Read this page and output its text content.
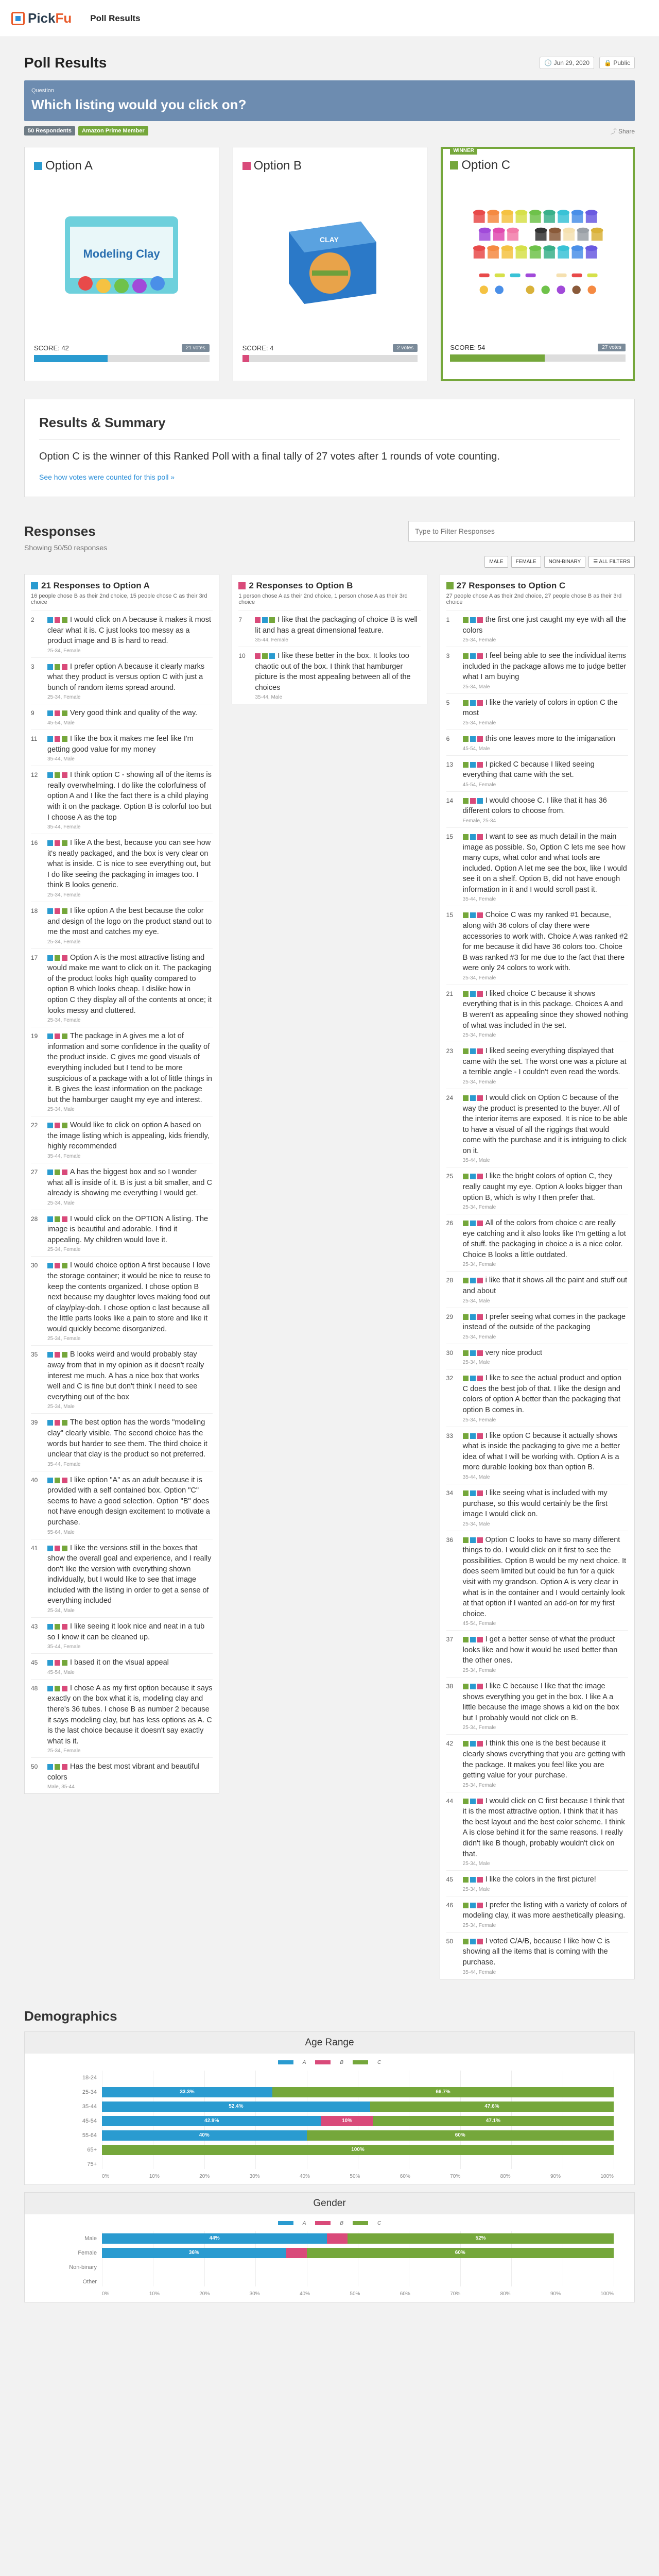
PickFu Poll Results
Poll Results	🕓 Jun 29, 2020	🔒 Public
Question
Which listing would you click on?
50 Respondents	Amazon Prime Member	⤴ Share
Option A
Modeling Clay
SCORE: 42	21 votes
Option B
CLAY
SCORE: 4	2 votes
WINNER
Option C
SCORE: 54	27 votes
Results & Summary

Option C is the winner of this Ranked Poll with a final tally of 27 votes after 1 rounds of vote counting.

See how votes were counted for this poll »
Responses
Type to Filter Responses
Showing 50/50 responses
MALE	FEMALE	NON-BINARY	☰ ALL FILTERS
21 Responses to Option A
16 people chose B as their 2nd choice, 15 people chose C as their 3rd choice
2	I would click on A because it makes it most clear what it is. C just looks too messy as a product image and B is hard to read.
25-34, Female
3	I prefer option A because it clearly marks what they product is versus option C with just a bunch of random items spread around.
25-34, Female
9	Very good think and quality of the way.
45-54, Male
11	I like the box it makes me feel like I'm getting good value for my money
35-44, Male
12	I think option C - showing all of the items is really overwhelming. I do like the colorfulness of option A and I like the fact there is a child playing with it on the package. Option B is colorful too but I choose A as the top
35-44, Female
16	I like A the best, because you can see how it's neatly packaged, and the box is very clear on what is inside. C is nice to see everything out, but I do like seeing the packaging in images too. I think B looks generic.
25-34, Female
18	I like option A the best because the color and design of the logo on the product stand out to me the most and catches my eye.
25-34, Female
17	Option A is the most attractive listing and would make me want to click on it. The packaging of the product looks high quality compared to option B which looks cheap. I dislike how in option C they display all of the contents at once; it looks messy and cluttered.
25-34, Female
19	The package in A gives me a lot of information and some confidence in the quality of the product inside. C gives me good visuals of everything included but I tend to be more suspicious of a package with a lot of little things in it. B gives the least information on the package but the hamburger caught my eye and interest.
25-34, Male
22	Would like to click on option A based on the image listing which is appealing, kids friendly, highly recommended
35-44, Female
27	A has the biggest box and so I wonder what all is inside of it. B is just a bit smaller, and C already is showing me everything I would get.
25-34, Male
28	I would click on the OPTION A listing. The image is beautiful and adorable. I find it appealing. My children would love it.
25-34, Female
30	I would choice option A first because I love the storage container; it would be nice to reuse to keep the contents organized. I chose option B next because my daughter loves making food out of clay/play-doh. I chose option c last because all the little parts looks like a pain to store and like it would quickly become disorganized.
25-34, Female
35	B looks weird and would probably stay away from that in my opinion as it doesn't really interest me much. A has a nice box that works well and C is fine but don't think I need to see everything out of the box
25-34, Male
39	The best option has the words "modeling clay" clearly visible. The second choice has the words but harder to see them. The third choice it unclear that clay is the product so not preferred.
35-44, Female
40	I like option "A" as an adult because it is provided with a self contained box. Option "C" seems to have a good selection. Option "B" does not have enough design excitement to motivate a purchase.
55-64, Male
41	I like the versions still in the boxes that show the overall goal and experience, and I really don't like the version with everything shown individually, but I would like to see that image included with the listing in order to get a sense of everything included
25-34, Male
43	I like seeing it look nice and neat in a tub so I know it can be cleaned up.
35-44, Female
45	I based it on the visual appeal
45-54, Male
48	I chose A as my first option because it says exactly on the box what it is, modeling clay and there's 36 tubes. I chose B as number 2 because it says modeling clay, but has less options as A. C is the last choice because it doesn't say exactly what is it.
25-34, Female
50	Has the best most vibrant and beautiful colors
Male, 35-44
2 Responses to Option B
1 person chose A as their 2nd choice, 1 person chose A as their 3rd choice
7	I like that the packaging of choice B is well lit and has a great dimensional feature.
35-44, Female
10	I like these better in the box. It looks too chaotic out of the box. I think that hamburger picture is the most appealing between all of the choices
35-44, Male
27 Responses to Option C
27 people chose A as their 2nd choice, 27 people chose B as their 3rd choice
1	the first one just caught my eye with all the colors
25-34, Female
3	I feel being able to see the individual items included in the package allows me to judge better what I am buying
25-34, Male
5	I like the variety of colors in option C the most
25-34, Female
6	this one leaves more to the imiganation
45-54, Male
13	I picked C because I liked seeing everything that came with the set.
45-54, Female
14	I would choose C. I like that it has 36 different colors to choose from.
Female, 25-34
15	I want to see as much detail in the main image as possible. So, Option C lets me see how many cups, what color and what tools are included. Option A let me see the box, like I would see it on a shelf. Option B, did not have enough information in it and I would scroll past it.
35-44, Female
15	Choice C was my ranked #1 because, along with 36 colors of clay there were accessories to work with. Choice A was ranked #2 for me because it did have 36 colors too. Choice B was ranked #3 for me due to the fact that there were only 24 colors to work with.
25-34, Female
21	I liked choice C because it shows everything that is in this package. Choices A and B weren't as appealing since they showed nothing of what was included in the set.
25-34, Female
23	I liked seeing everything displayed that came with the set. The worst one was a picture at a terrible angle - I couldn't even read the words.
25-34, Female
24	I would click on Option C because of the way the product is presented to the buyer. All of the interior items are exposed. It is nice to be able to have a visual of all the riggings that would come with the purchase and it is intriguing to click on it.
35-44, Male
25	I like the bright colors of option C, they really caught my eye. Option A looks bigger than option B, which is why I then prefer that.
25-34, Female
26	All of the colors from choice c are really eye catching and it also looks like I'm getting a lot of stuff. the packaging in choice a is a nice color. Choice B looks a little outdated.
25-34, Female
28	i like that it shows all the paint and stuff out and about
25-34, Male
29	I prefer seeing what comes in the package instead of the outside of the packaging
25-34, Female
30	very nice product
25-34, Male
32	I like to see the actual product and option C does the best job of that. I like the design and colors of option A better than the packaging that option B comes in.
25-34, Female
33	I like option C because it actually shows what is inside the packaging to give me a better idea of what I will be working with. Option A is a more durable looking box than option B.
35-44, Male
34	I like seeing what is included with my purchase, so this would certainly be the first image I would click on.
25-34, Male
36	Option C looks to have so many different things to do. I would click on it first to see the possibilities. Option B would be my next choice. It does seem limited but could be fun for a quick visit with my grandson. Option A is very clear in what is in the container and I would certainly look at that option if I wanted an add-on for my first choice.
45-54, Female
37	I get a better sense of what the product looks like and how it would be used better than the other ones.
25-34, Female
38	I like C because I like that the image shows everything you get in the box. I like A a little because the image shows a kid on the box but I probably would not click on B.
25-34, Female
42	I think this one is the best because it clearly shows everything that you are getting with the package. It makes you feel like you are getting value for your purchase.
25-34, Female
44	I would click on C first because I think that it is the most attractive option. I think that it has the best layout and the best color scheme. I think A is close behind it for the same reasons. I really didn't like B though, probably wouldn't click on that.
25-34, Male
45	I like the colors in the first picture!
25-34, Male
46	I prefer the listing with a variety of colors of modeling clay, it was more aesthetically pleasing.
25-34, Female
50	I voted C/A/B, because I like how C is showing all the items that is coming with the purchase.
35-44, Female
Demographics
Age Range
A	B	C
18-24
25-34	33.3%	66.7%
35-44	52.4%	47.6%
45-54	42.9%	10%	47.1%
55-64	40%	60%
65+	100%
75+
0%	10%	20%	30%	40%	50%	60%	70%	80%	90%	100%
Gender
A	B	C
Male	44%	52%
Female	36%	60%
Non-binary
Other
0%	10%	20%	30%	40%	50%	60%	70%	80%	90%	100%
